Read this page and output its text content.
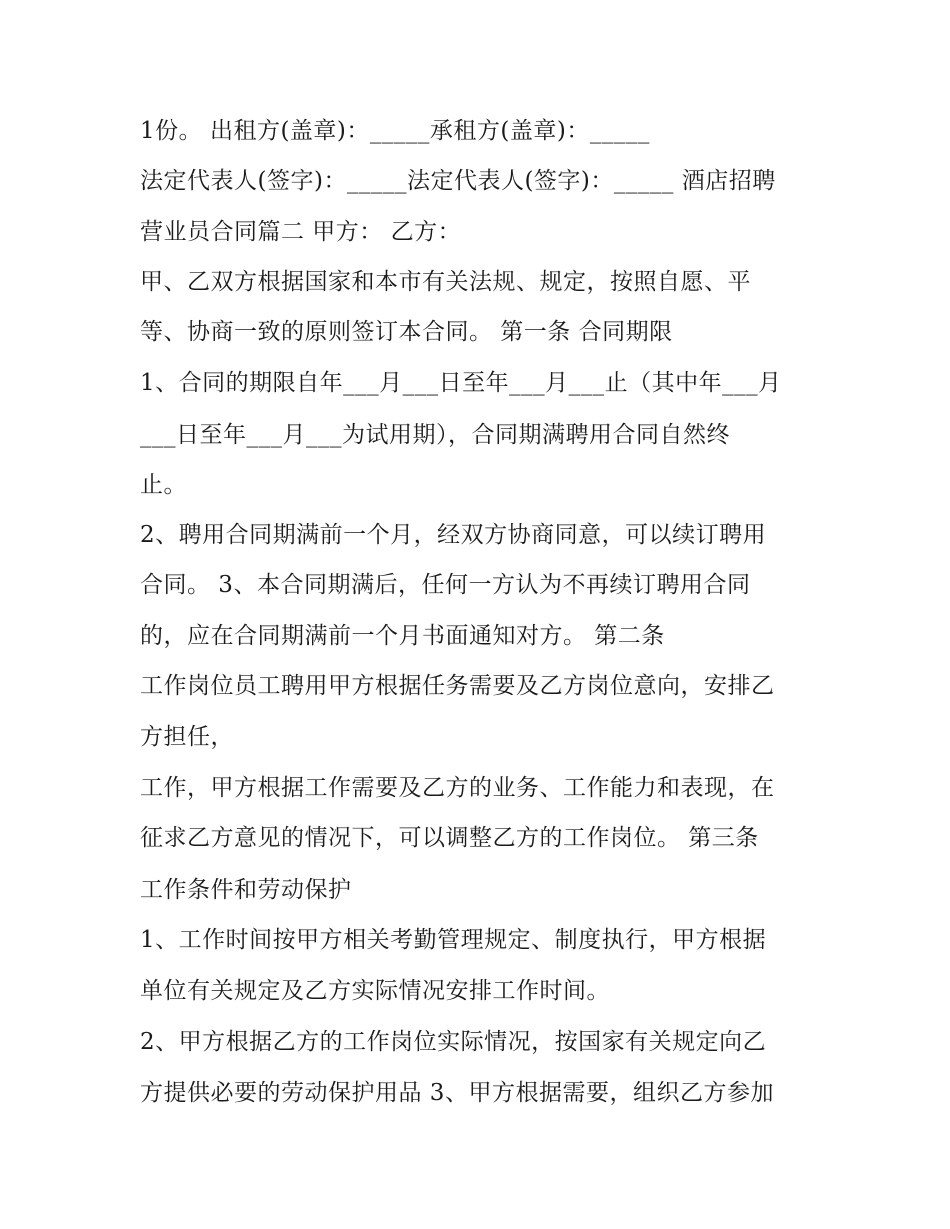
1份。 出租方(盖章)：_____承租方(盖章)：_____
法定代表人(签字)：_____法定代表人(签字)：_____ 酒店招聘
营业员合同篇二 甲方： 乙方：
甲、乙双方根据国家和本市有关法规、规定，按照自愿、平
等、协商一致的原则签订本合同。 第一条 合同期限
1、合同的期限自年___月___日至年___月___止（其中年___月
___日至年___月___为试用期），合同期满聘用合同自然终
止。
2、聘用合同期满前一个月，经双方协商同意，可以续订聘用
合同。 3、本合同期满后，任何一方认为不再续订聘用合同
的，应在合同期满前一个月书面通知对方。 第二条
工作岗位员工聘用甲方根据任务需要及乙方岗位意向，安排乙
方担任，
工作，甲方根据工作需要及乙方的业务、工作能力和表现，在
征求乙方意见的情况下，可以调整乙方的工作岗位。 第三条
工作条件和劳动保护
1、工作时间按甲方相关考勤管理规定、制度执行，甲方根据
单位有关规定及乙方实际情况安排工作时间。
2、甲方根据乙方的工作岗位实际情况，按国家有关规定向乙
方提供必要的劳动保护用品 3、甲方根据需要，组织乙方参加
